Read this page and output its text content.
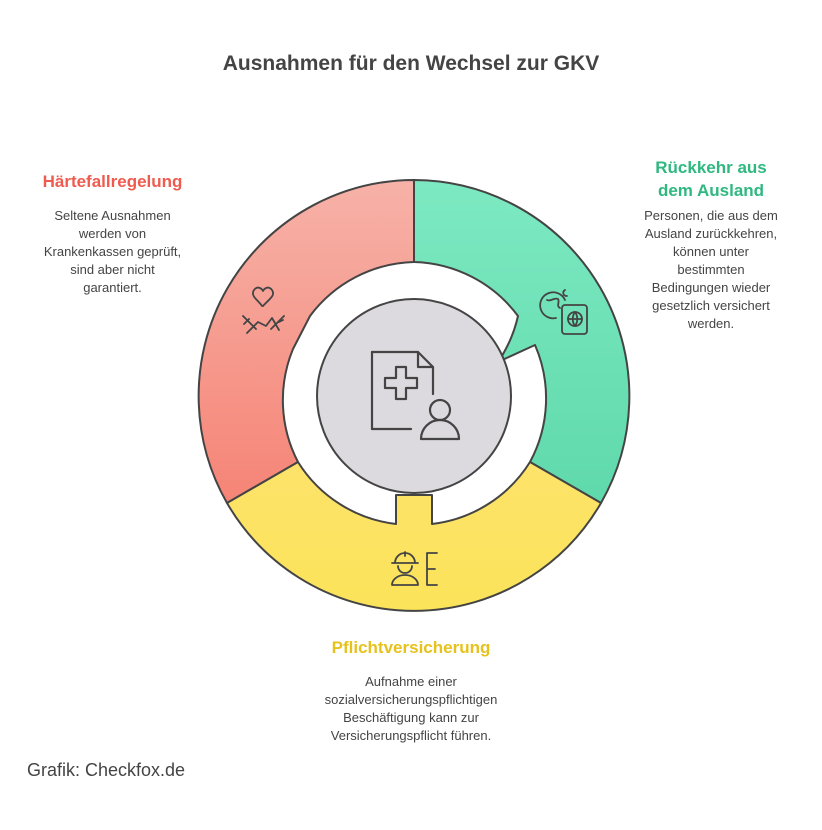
Ausnahmen für den Wechsel zur GKV
Härtefallregelung
Seltene Ausnahmen
werden von
Krankenkassen geprüft,
sind aber nicht
garantiert.
Rückkehr aus
dem Ausland
Personen, die aus dem
Ausland zurückkehren,
können unter
bestimmten
Bedingungen wieder
gesetzlich versichert
werden.
Pflichtversicherung
Aufnahme einer
sozialversicherungspflichtigen
Beschäftigung kann zur
Versicherungspflicht führen.
Grafik: Checkfox.de
